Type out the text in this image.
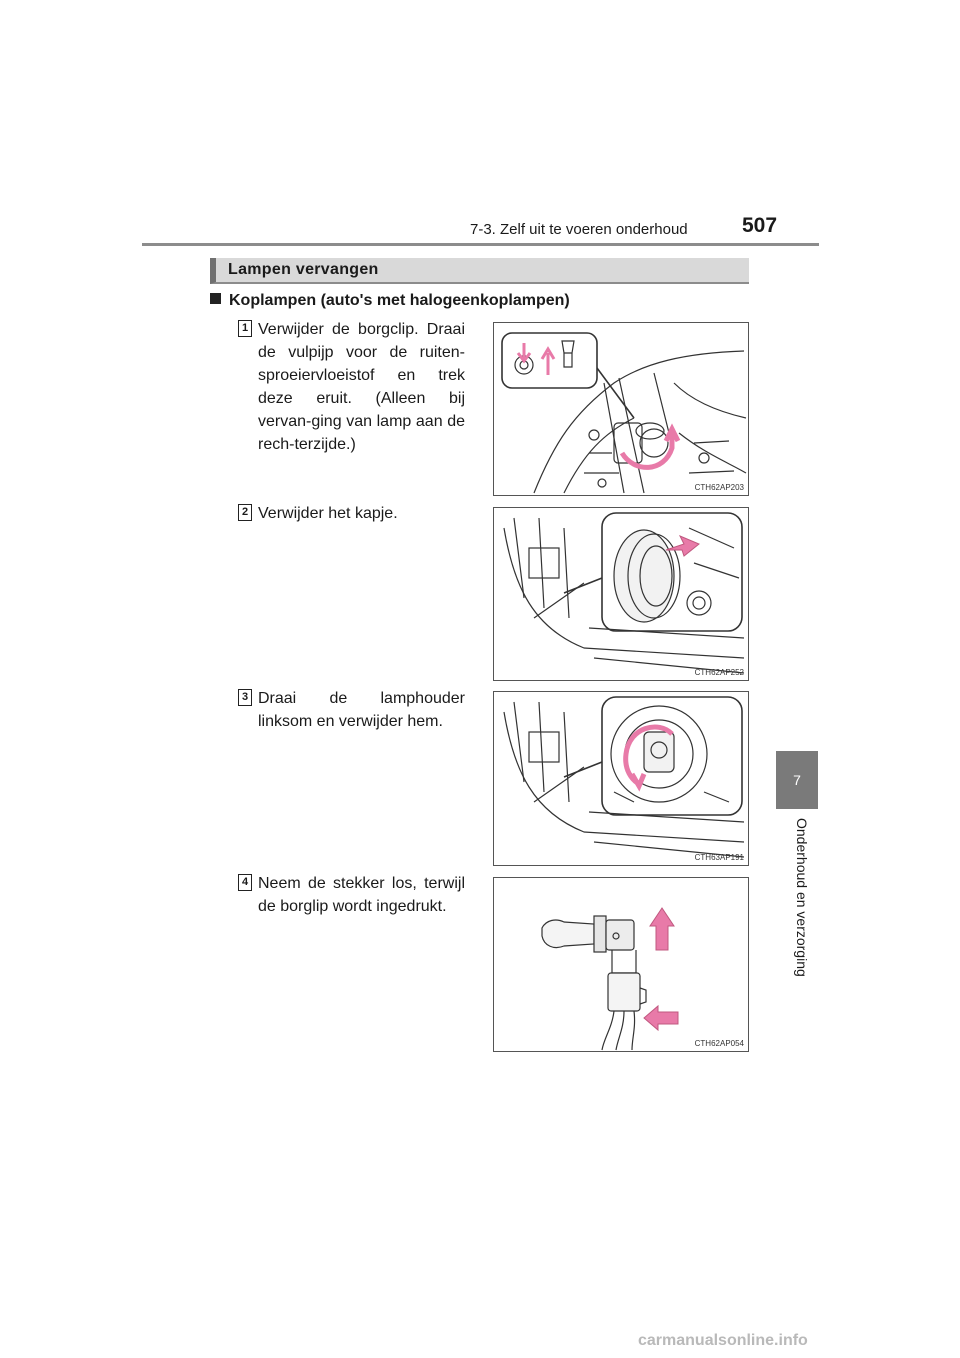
7-3. Zelf uit te voeren onderhoud	507
Lampen vervangen
Koplampen (auto's met halogeenkoplampen)
1 Verwijder de borgclip. Draai de vulpijp voor de ruiten-sproeiervloeistof en trek deze eruit. (Alleen bij vervan-ging van lamp aan de rech-terzijde.)
CTH62AP203
2 Verwijder het kapje.
CTH62AP252
3 Draai de lamphouder linksom en verwijder hem.
CTH63AP191
4 Neem de stekker los, terwijl de borglip wordt ingedrukt.
CTH62AP054
7
Onderhoud en verzorging
carmanualsonline.info
